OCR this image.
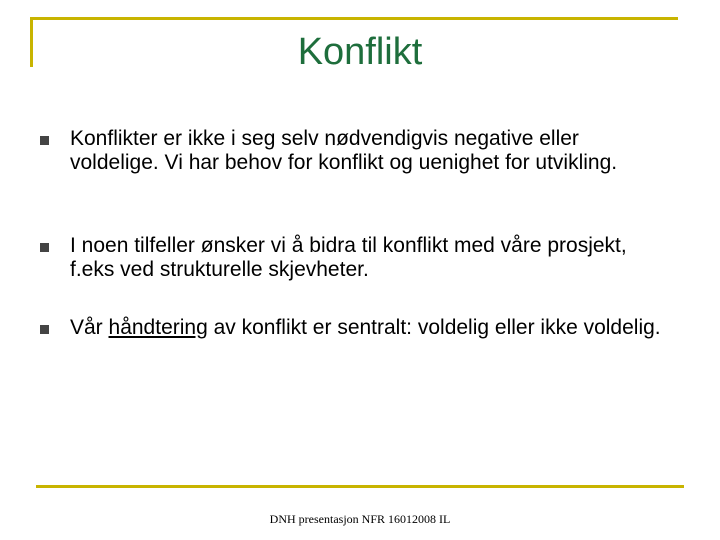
Konflikt
Konflikter er ikke i seg selv nødvendigvis negative eller voldelige. Vi har behov for konflikt og uenighet for utvikling.
I noen tilfeller ønsker vi å bidra til konflikt med våre prosjekt, f.eks ved strukturelle skjevheter.
Vår håndtering av konflikt er sentralt: voldelig eller ikke voldelig.
DNH presentasjon NFR 16012008 IL
